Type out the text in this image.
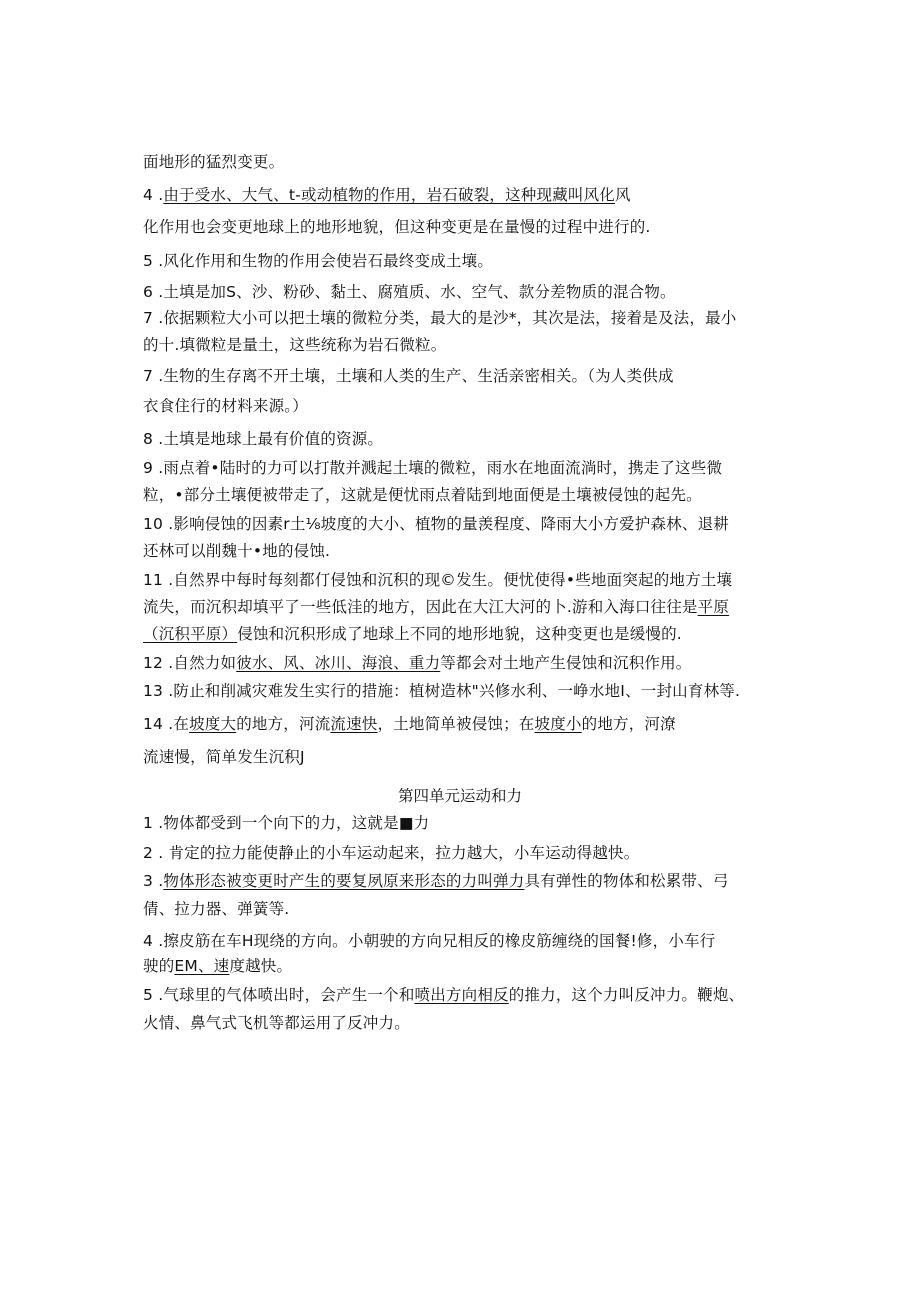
面地形的猛烈变更。

4 .由于受水、大气、t-或动植物的作用，岩石破裂，这种现藏叫风化风

化作用也会变更地球上的地形地貌，但这种变更是在量慢的过程中进行的.

5 .风化作用和生物的作用会使岩石最终变成土壤。

6 .土填是加S、沙、粉砂、黏土、腐殖质、水、空气、款分差物质的混合物。

7 .依据颗粒大小可以把土壤的微粒分类，最大的是沙*，其次是法，接着是及法，最小

的十.填微粒是量土，这些统称为岩石微粒。

7 .生物的生存离不开土壤，土壤和人类的生产、生活亲密相关。（为人类供成

衣食住行的材料来源。）

8 .土填是地球上最有价值的资源。

9 .雨点着•陆时的力可以打散并溅起土壤的微粒，雨水在地面流淌时，携走了这些微

粒，•部分土壤便被带走了，这就是便忧雨点着陆到地面便是土壤被侵蚀的起先。

10 .影响侵蚀的因素r土⅛坡度的大小、植物的量羡程度、降雨大小方爱护森林、退耕

还林可以削魏十•地的侵蚀.

11 .自然界中每时每刻都仃侵蚀和沉积的现©发生。便忧使得•些地面突起的地方土壤

流失，而沉积却填平了一些低洼的地方，因此在大江大河的卜.游和入海口往往是平原

（沉积平原）侵蚀和沉积形成了地球上不同的地形地貌，这种变更也是缓慢的.

12 .自然力如彼水、风、冰川、海浪、重力等都会对土地产生侵蚀和沉积作用。

13 .防止和削减灾难发生实行的措施：植树造林"兴修水利、一峥水地I、一封山育林等.

14 .在坡度大的地方，河流流速快，土地简单被侵蚀；在坡度小的地方，河潦

流速慢，简单发生沉积J

第四单元运动和力

1 .物体都受到一个向下的力，这就是■力

2 . 肯定的拉力能使静止的小车运动起来，拉力越大，小车运动得越快。

3 .物体形态被变更时产生的要复夙原来形态的力叫弹力具有弹性的物体和松累带、弓

倩、拉力器、弹簧等.

4 .擦皮筋在车H现绕的方向。小朝驶的方向兄相反的橡皮筋缠绕的国餐!修，小车行

驶的EM、速度越快。

5 .气球里的气体喷出时，会产生一个和喷出方向相反的推力，这个力叫反冲力。鞭炮、

火情、鼻气式飞机等都运用了反冲力。
